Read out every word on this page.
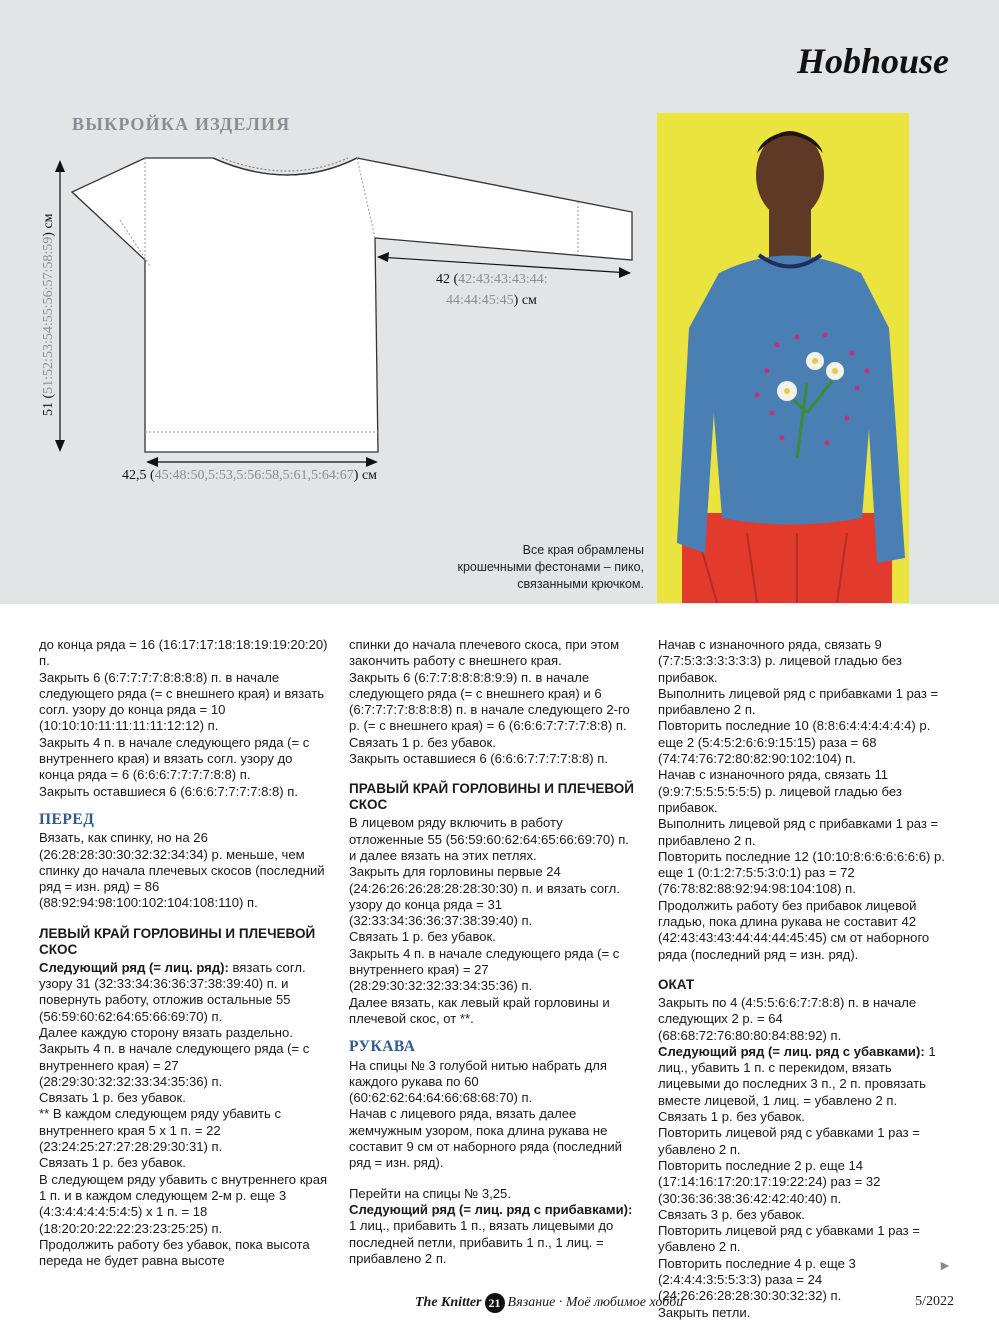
Hobhouse
ВЫКРОЙКА ИЗДЕЛИЯ
51 (51:52:53:54:55:56:57:58:59) см
42,5 (45:48:50,5:53,5:56:58,5:61,5:64:67) см
42 (42:43:43:43:44:
44:44:45:45) см
Все края обрамлены
крошечными фестонами – пико,
связанными крючком.

до конца ряда = 16 (16:17:17:18:18:19:19:20:20) п.

Закрыть 6 (6:7:7:7:7:8:8:8:8) п. в начале следующего ряда (= с внешнего края) и вязать согл. узору до конца ряда = 10 (10:10:10:11:11:11:11:12:12) п.

Закрыть 4 п. в начале следующего ряда (= с внутреннего края) и вязать согл. узору до конца ряда = 6 (6:6:6:7:7:7:7:8:8) п.

Закрыть оставшиеся 6 (6:6:6:7:7:7:7:8:8) п.

ПЕРЕД

Вязать, как спинку, но на 26 (26:28:28:30:30:32:32:34:34) р. меньше, чем спинку до начала плечевых скосов (последний ряд = изн. ряд) = 86 (88:92:94:98:100:102:104:108:110) п.

ЛЕВЫЙ КРАЙ ГОРЛОВИНЫ И ПЛЕЧЕВОЙ СКОС

Следующий ряд (= лиц. ряд): вязать согл. узору 31 (32:33:34:36:36:37:38:39:40) п. и повернуть работу, отложив остальные 55 (56:59:60:62:64:65:66:69:70) п.

Далее каждую сторону вязать раздельно.

Закрыть 4 п. в начале следующего ряда (= с внутреннего края) = 27 (28:29:30:32:32:33:34:35:36) п.

Связать 1 р. без убавок.

** В каждом следующем ряду убавить с внутреннего края 5 х 1 п. = 22 (23:24:25:27:27:28:29:30:31) п.

Связать 1 р. без убавок.

В следующем ряду убавить с внутреннего края 1 п. и в каждом следующем 2-м р. еще 3 (4:3:4:4:4:4:5:4:5) х 1 п. = 18 (18:20:20:22:22:23:23:25:25) п.

Продолжить работу без убавок, пока высота переда не будет равна высоте

спинки до начала плечевого скоса, при этом закончить работу с внешнего края.

Закрыть 6 (6:7:7:8:8:8:8:9:9) п. в начале следующего ряда (= с внешнего края) и 6 (6:7:7:7:7:8:8:8:8) п. в начале следующего 2-го р. (= с внешнего края) = 6 (6:6:6:7:7:7:7:8:8) п.

Связать 1 р. без убавок.

Закрыть оставшиеся 6 (6:6:6:7:7:7:7:8:8) п.

ПРАВЫЙ КРАЙ ГОРЛОВИНЫ И ПЛЕЧЕВОЙ СКОС

В лицевом ряду включить в работу отложенные 55 (56:59:60:62:64:65:66:69:70) п. и далее вязать на этих петлях.

Закрыть для горловины первые 24 (24:26:26:26:28:28:28:30:30) п. и вязать согл. узору до конца ряда = 31 (32:33:34:36:36:37:38:39:40) п.

Связать 1 р. без убавок.

Закрыть 4 п. в начале следующего ряда (= с внутреннего края) = 27 (28:29:30:32:32:33:34:35:36) п.

Далее вязать, как левый край горловины и плечевой скос, от **.

РУКАВА

На спицы № 3 голубой нитью набрать для каждого рукава по 60 (60:62:62:64:64:66:68:68:70) п.

Начав с лицевого ряда, вязать далее жемчужным узором, пока длина рукава не составит 9 см от наборного ряда (последний ряд = изн. ряд).

Перейти на спицы № 3,25.

Следующий ряд (= лиц. ряд с прибавками): 1 лиц., прибавить 1 п., вязать лицевыми до последней петли, прибавить 1 п., 1 лиц. = прибавлено 2 п.

Начав с изнаночного ряда, связать 9 (7:7:5:3:3:3:3:3:3) р. лицевой гладью без прибавок.

Выполнить лицевой ряд с прибавками 1 раз = прибавлено 2 п.

Повторить последние 10 (8:8:6:4:4:4:4:4:4) р. еще 2 (5:4:5:2:6:6:9:15:15) раза = 68 (74:74:76:72:80:82:90:102:104) п.

Начав с изнаночного ряда, связать 11 (9:9:7:5:5:5:5:5:5) р. лицевой гладью без прибавок.

Выполнить лицевой ряд с прибавками 1 раз = прибавлено 2 п.

Повторить последние 12 (10:10:8:6:6:6:6:6:6) р. еще 1 (0:1:2:7:5:5:3:0:1) раз = 72 (76:78:82:88:92:94:98:104:108) п.

Продолжить работу без прибавок лицевой гладью, пока длина рукава не составит 42 (42:43:43:43:44:44:44:45:45) см от наборного ряда (последний ряд = изн. ряд).

ОКАТ

Закрыть по 4 (4:5:5:6:6:7:7:8:8) п. в начале следующих 2 р. = 64 (68:68:72:76:80:80:84:88:92) п.

Следующий ряд (= лиц. ряд с убавками): 1 лиц., убавить 1 п. с перекидом, вязать лицевыми до последних 3 п., 2 п. провязать вместе лицевой, 1 лиц. = убавлено 2 п.

Связать 1 р. без убавок.

Повторить лицевой ряд с убавками 1 раз = убавлено 2 п.

Повторить последние 2 р. еще 14 (17:14:16:17:20:17:19:22:24) раз = 32 (30:36:36:38:36:42:42:40:40) п.

Связать 3 р. без убавок.

Повторить лицевой ряд с убавками 1 раз = убавлено 2 п.

Повторить последние 4 р. еще 3 (2:4:4:4:3:5:5:3:3) раза = 24 (24:26:26:28:28:30:30:32:32) п.

Закрыть петли.

►
The Knitter 21 Вязание · Моё любимое хобби	5/2022
